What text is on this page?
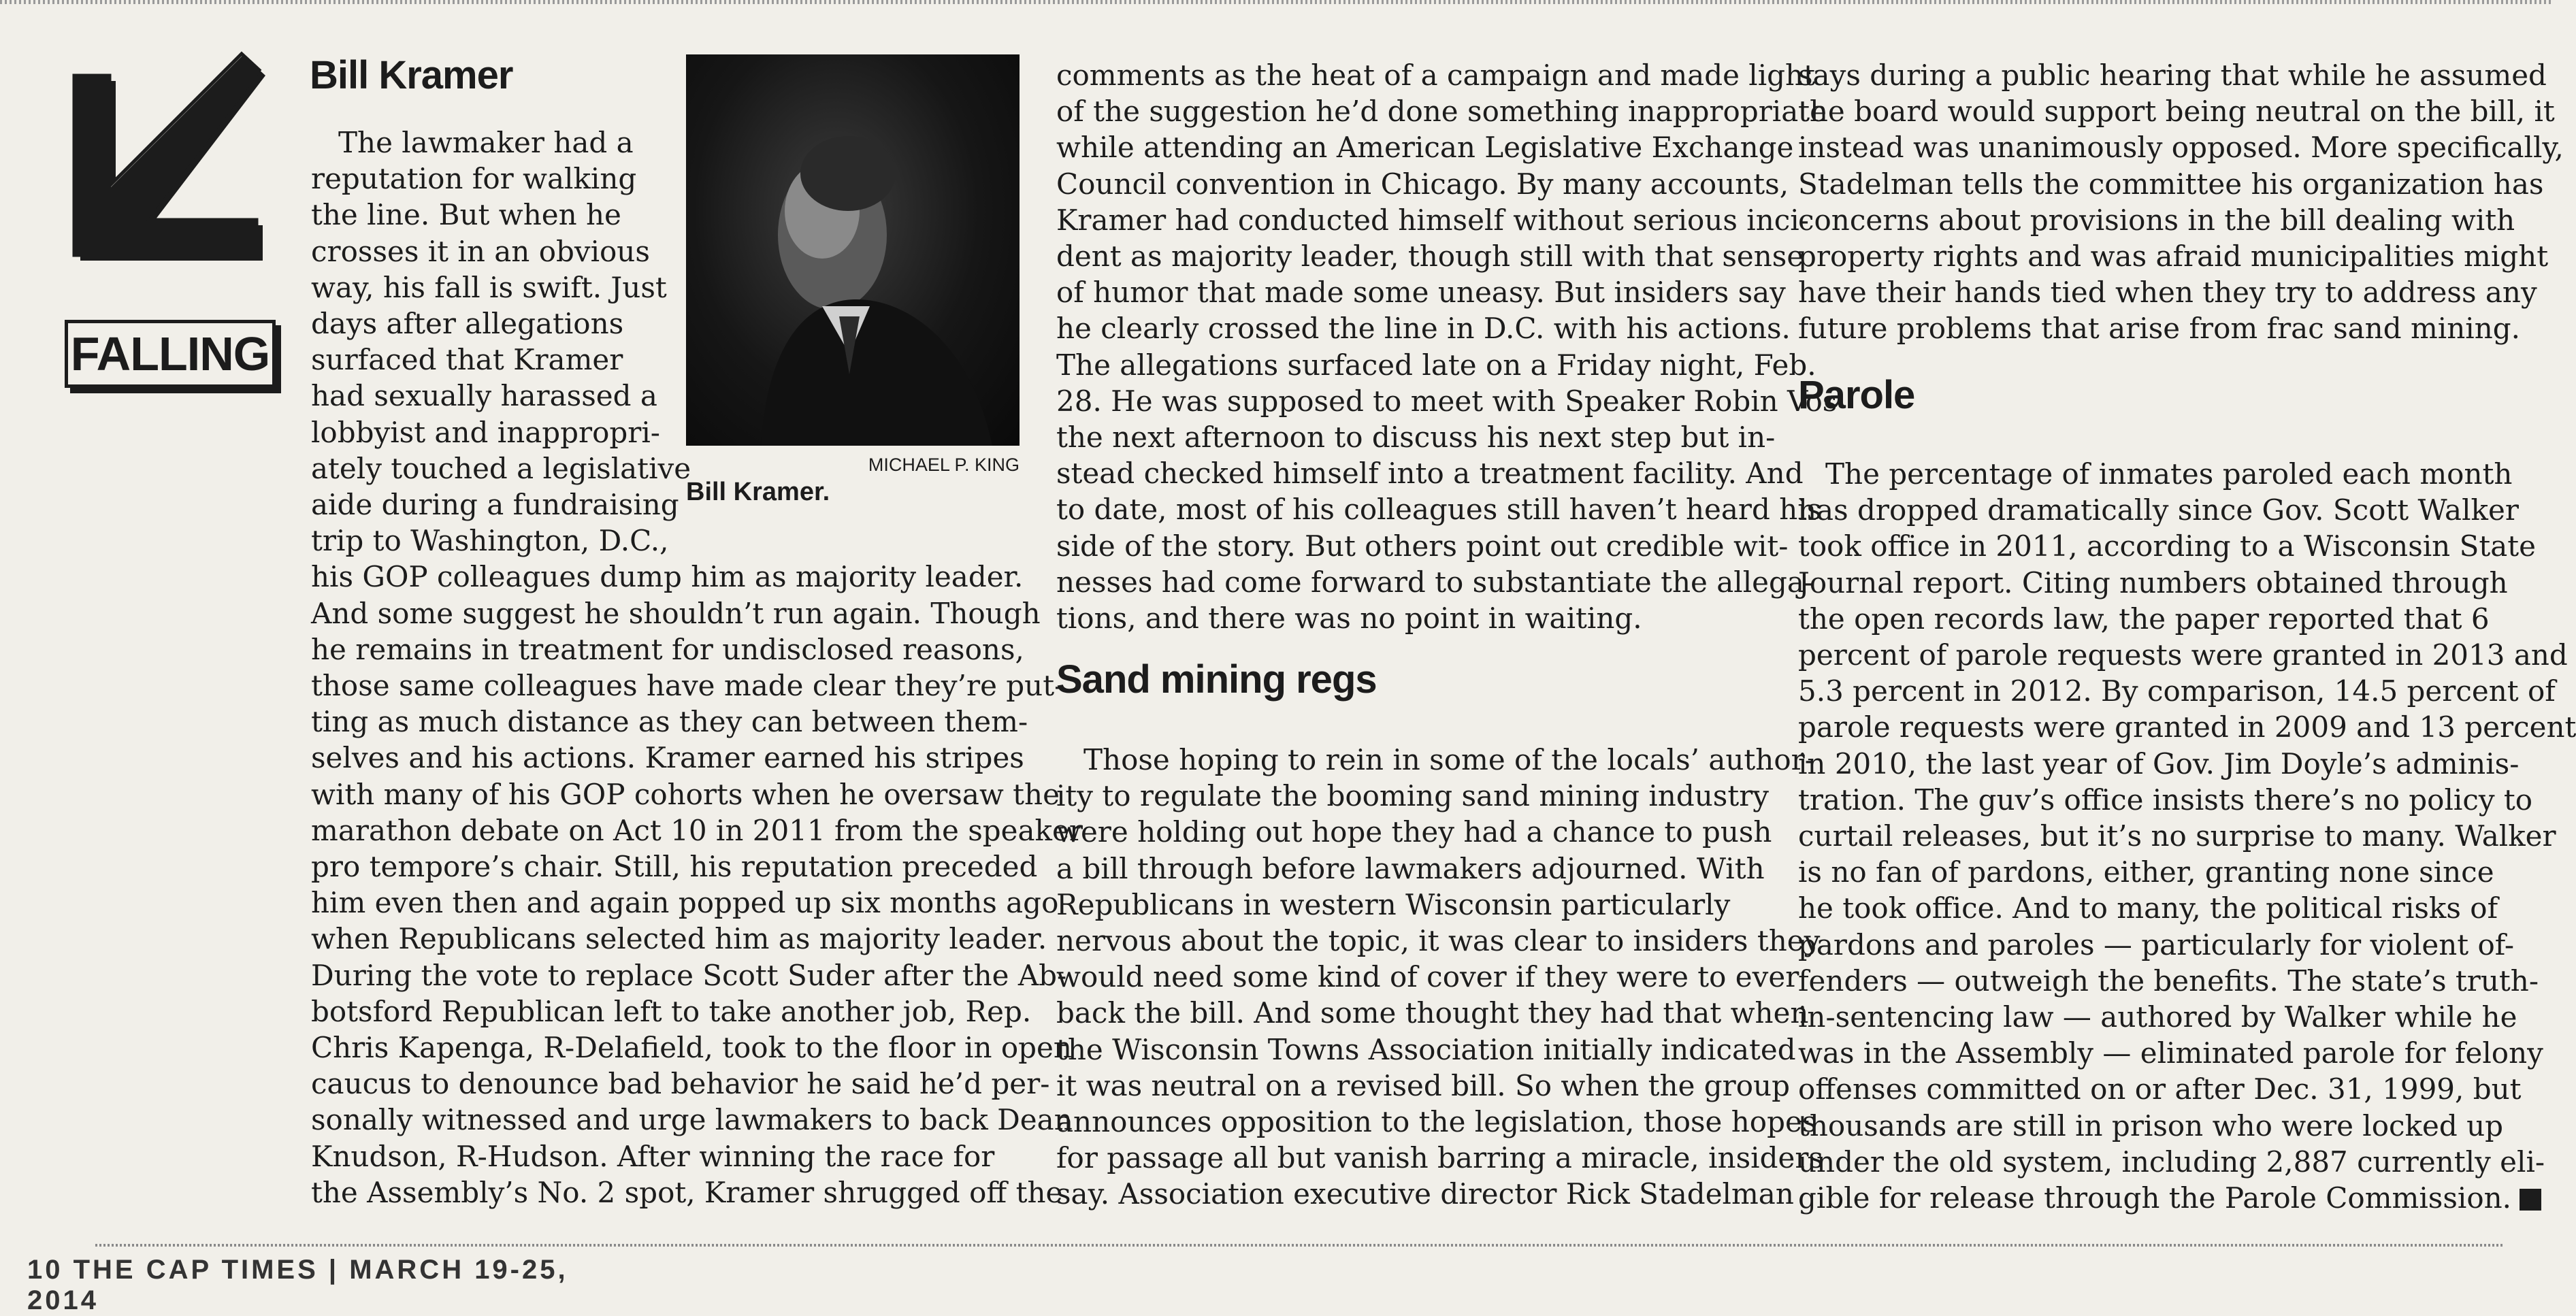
FALLING
Bill Kramer
MICHAEL P. KING
Bill Kramer.
The lawmaker had a
reputation for walking
the line. But when he
crosses it in an obvious
way, his fall is swift. Just
days after allegations
surfaced that Kramer
had sexually harassed a
lobbyist and inappropri-
ately touched a legislative
aide during a fundraising
trip to Washington, D.C.,
his GOP colleagues dump him as majority leader.
And some suggest he shouldn’t run again. Though
he remains in treatment for undisclosed reasons,
those same colleagues have made clear they’re put-
ting as much distance as they can between them-
selves and his actions. Kramer earned his stripes
with many of his GOP cohorts when he oversaw the
marathon debate on Act 10 in 2011 from the speaker
pro tempore’s chair. Still, his reputation preceded
him even then and again popped up six months ago
when Republicans selected him as majority leader.
During the vote to replace Scott Suder after the Ab-
botsford Republican left to take another job, Rep.
Chris Kapenga, R-Delafield, took to the floor in open
caucus to denounce bad behavior he said he’d per-
sonally witnessed and urge lawmakers to back Dean
Knudson, R-Hudson. After winning the race for
the Assembly’s No. 2 spot, Kramer shrugged off the
comments as the heat of a campaign and made light
of the suggestion he’d done something inappropriate
while attending an American Legislative Exchange
Council convention in Chicago. By many accounts,
Kramer had conducted himself without serious inci-
dent as majority leader, though still with that sense
of humor that made some uneasy. But insiders say
he clearly crossed the line in D.C. with his actions.
The allegations surfaced late on a Friday night, Feb.
28. He was supposed to meet with Speaker Robin Vos
the next afternoon to discuss his next step but in-
stead checked himself into a treatment facility. And
to date, most of his colleagues still haven’t heard his
side of the story. But others point out credible wit-
nesses had come forward to substantiate the allega-
tions, and there was no point in waiting.
Sand mining regs
Those hoping to rein in some of the locals’ author-
ity to regulate the booming sand mining industry
were holding out hope they had a chance to push
a bill through before lawmakers adjourned. With
Republicans in western Wisconsin particularly
nervous about the topic, it was clear to insiders they
would need some kind of cover if they were to ever
back the bill. And some thought they had that when
the Wisconsin Towns Association initially indicated
it was neutral on a revised bill. So when the group
announces opposition to the legislation, those hopes
for passage all but vanish barring a miracle, insiders
say. Association executive director Rick Stadelman
says during a public hearing that while he assumed
the board would support being neutral on the bill, it
instead was unanimously opposed. More specifically,
Stadelman tells the committee his organization has
concerns about provisions in the bill dealing with
property rights and was afraid municipalities might
have their hands tied when they try to address any
future problems that arise from frac sand mining.
Parole
The percentage of inmates paroled each month
has dropped dramatically since Gov. Scott Walker
took office in 2011, according to a Wisconsin State
Journal report. Citing numbers obtained through
the open records law, the paper reported that 6
percent of parole requests were granted in 2013 and
5.3 percent in 2012. By comparison, 14.5 percent of
parole requests were granted in 2009 and 13 percent
in 2010, the last year of Gov. Jim Doyle’s adminis-
tration. The guv’s office insists there’s no policy to
curtail releases, but it’s no surprise to many. Walker
is no fan of pardons, either, granting none since
he took office. And to many, the political risks of
pardons and paroles — particularly for violent of-
fenders — outweigh the benefits. The state’s truth-
in-sentencing law — authored by Walker while he
was in the Assembly — eliminated parole for felony
offenses committed on or after Dec. 31, 1999, but
thousands are still in prison who were locked up
under the old system, including 2,887 currently eli-
gible for release through the Parole Commission.
10 THE CAP TIMES | MARCH 19-25, 2014
